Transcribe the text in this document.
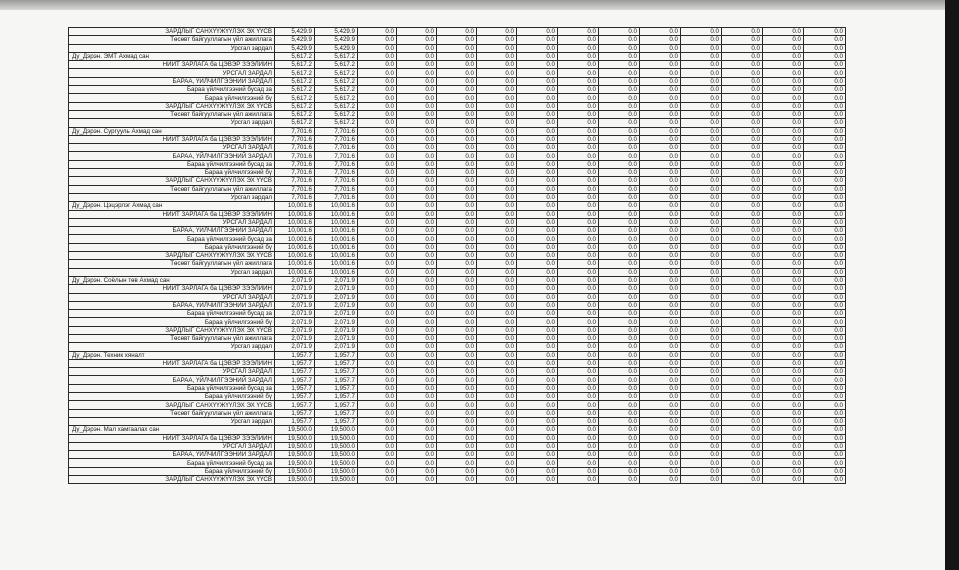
ЗАРДЛЫГ САНХҮҮЖҮҮЛЭХ ЭХ ҮҮСВ	5,429.9	5,429.9	0.0	0.0	0.0	0.0	0.0	0.0	0.0	0.0	0.0	0.0	0.0	0.0
Төсөвт байгууллагын үйл ажиллага	5,429.9	5,429.9	0.0	0.0	0.0	0.0	0.0	0.0	0.0	0.0	0.0	0.0	0.0	0.0
Урсгал зардал	5,429.9	5,429.9	0.0	0.0	0.0	0.0	0.0	0.0	0.0	0.0	0.0	0.0	0.0	0.0
Ду_Дэрэн. ЭМТ Ахмад сан	5,617.2	5,617.2	0.0	0.0	0.0	0.0	0.0	0.0	0.0	0.0	0.0	0.0	0.0	0.0
НИЙТ ЗАРЛАГА ба ЦЭВЭР ЗЭЭЛИЙН	5,617.2	5,617.2	0.0	0.0	0.0	0.0	0.0	0.0	0.0	0.0	0.0	0.0	0.0	0.0
УРСГАЛ ЗАРДАЛ	5,617.2	5,617.2	0.0	0.0	0.0	0.0	0.0	0.0	0.0	0.0	0.0	0.0	0.0	0.0
БАРАА, ҮЙЛЧИЛГЭЭНИЙ ЗАРДАЛ	5,617.2	5,617.2	0.0	0.0	0.0	0.0	0.0	0.0	0.0	0.0	0.0	0.0	0.0	0.0
Бараа үйлчилгээний бусад за	5,617.2	5,617.2	0.0	0.0	0.0	0.0	0.0	0.0	0.0	0.0	0.0	0.0	0.0	0.0
Бараа үйлчилгээний бү	5,617.2	5,617.2	0.0	0.0	0.0	0.0	0.0	0.0	0.0	0.0	0.0	0.0	0.0	0.0
ЗАРДЛЫГ САНХҮҮЖҮҮЛЭХ ЭХ ҮҮСВ	5,617.2	5,617.2	0.0	0.0	0.0	0.0	0.0	0.0	0.0	0.0	0.0	0.0	0.0	0.0
Төсөвт байгууллагын үйл ажиллага	5,617.2	5,617.2	0.0	0.0	0.0	0.0	0.0	0.0	0.0	0.0	0.0	0.0	0.0	0.0
Урсгал зардал	5,617.2	5,617.2	0.0	0.0	0.0	0.0	0.0	0.0	0.0	0.0	0.0	0.0	0.0	0.0
Ду_Дэрэн. Сургууль Ахмад сан	7,701.6	7,701.6	0.0	0.0	0.0	0.0	0.0	0.0	0.0	0.0	0.0	0.0	0.0	0.0
НИЙТ ЗАРЛАГА ба ЦЭВЭР ЗЭЭЛИЙН	7,701.6	7,701.6	0.0	0.0	0.0	0.0	0.0	0.0	0.0	0.0	0.0	0.0	0.0	0.0
УРСГАЛ ЗАРДАЛ	7,701.6	7,701.6	0.0	0.0	0.0	0.0	0.0	0.0	0.0	0.0	0.0	0.0	0.0	0.0
БАРАА, ҮЙЛЧИЛГЭЭНИЙ ЗАРДАЛ	7,701.6	7,701.6	0.0	0.0	0.0	0.0	0.0	0.0	0.0	0.0	0.0	0.0	0.0	0.0
Бараа үйлчилгээний бусад за	7,701.6	7,701.6	0.0	0.0	0.0	0.0	0.0	0.0	0.0	0.0	0.0	0.0	0.0	0.0
Бараа үйлчилгээний бү	7,701.6	7,701.6	0.0	0.0	0.0	0.0	0.0	0.0	0.0	0.0	0.0	0.0	0.0	0.0
ЗАРДЛЫГ САНХҮҮЖҮҮЛЭХ ЭХ ҮҮСВ	7,701.6	7,701.6	0.0	0.0	0.0	0.0	0.0	0.0	0.0	0.0	0.0	0.0	0.0	0.0
Төсөвт байгууллагын үйл ажиллага	7,701.6	7,701.6	0.0	0.0	0.0	0.0	0.0	0.0	0.0	0.0	0.0	0.0	0.0	0.0
Урсгал зардал	7,701.6	7,701.6	0.0	0.0	0.0	0.0	0.0	0.0	0.0	0.0	0.0	0.0	0.0	0.0
Ду_Дэрэн. Цэцэрлэг Ахмад сан	10,001.6	10,001.6	0.0	0.0	0.0	0.0	0.0	0.0	0.0	0.0	0.0	0.0	0.0	0.0
НИЙТ ЗАРЛАГА ба ЦЭВЭР ЗЭЭЛИЙН	10,001.6	10,001.6	0.0	0.0	0.0	0.0	0.0	0.0	0.0	0.0	0.0	0.0	0.0	0.0
УРСГАЛ ЗАРДАЛ	10,001.6	10,001.6	0.0	0.0	0.0	0.0	0.0	0.0	0.0	0.0	0.0	0.0	0.0	0.0
БАРАА, ҮЙЛЧИЛГЭЭНИЙ ЗАРДАЛ	10,001.6	10,001.6	0.0	0.0	0.0	0.0	0.0	0.0	0.0	0.0	0.0	0.0	0.0	0.0
Бараа үйлчилгээний бусад за	10,001.6	10,001.6	0.0	0.0	0.0	0.0	0.0	0.0	0.0	0.0	0.0	0.0	0.0	0.0
Бараа үйлчилгээний бү	10,001.6	10,001.6	0.0	0.0	0.0	0.0	0.0	0.0	0.0	0.0	0.0	0.0	0.0	0.0
ЗАРДЛЫГ САНХҮҮЖҮҮЛЭХ ЭХ ҮҮСВ	10,001.6	10,001.6	0.0	0.0	0.0	0.0	0.0	0.0	0.0	0.0	0.0	0.0	0.0	0.0
Төсөвт байгууллагын үйл ажиллага	10,001.6	10,001.6	0.0	0.0	0.0	0.0	0.0	0.0	0.0	0.0	0.0	0.0	0.0	0.0
Урсгал зардал	10,001.6	10,001.6	0.0	0.0	0.0	0.0	0.0	0.0	0.0	0.0	0.0	0.0	0.0	0.0
Ду_Дэрэн. Соёлын төв Ахмад сан	2,071.9	2,071.9	0.0	0.0	0.0	0.0	0.0	0.0	0.0	0.0	0.0	0.0	0.0	0.0
НИЙТ ЗАРЛАГА ба ЦЭВЭР ЗЭЭЛИЙН	2,071.9	2,071.9	0.0	0.0	0.0	0.0	0.0	0.0	0.0	0.0	0.0	0.0	0.0	0.0
УРСГАЛ ЗАРДАЛ	2,071.9	2,071.9	0.0	0.0	0.0	0.0	0.0	0.0	0.0	0.0	0.0	0.0	0.0	0.0
БАРАА, ҮЙЛЧИЛГЭЭНИЙ ЗАРДАЛ	2,071.9	2,071.9	0.0	0.0	0.0	0.0	0.0	0.0	0.0	0.0	0.0	0.0	0.0	0.0
Бараа үйлчилгээний бусад за	2,071.9	2,071.9	0.0	0.0	0.0	0.0	0.0	0.0	0.0	0.0	0.0	0.0	0.0	0.0
Бараа үйлчилгээний бү	2,071.9	2,071.9	0.0	0.0	0.0	0.0	0.0	0.0	0.0	0.0	0.0	0.0	0.0	0.0
ЗАРДЛЫГ САНХҮҮЖҮҮЛЭХ ЭХ ҮҮСВ	2,071.9	2,071.9	0.0	0.0	0.0	0.0	0.0	0.0	0.0	0.0	0.0	0.0	0.0	0.0
Төсөвт байгууллагын үйл ажиллага	2,071.9	2,071.9	0.0	0.0	0.0	0.0	0.0	0.0	0.0	0.0	0.0	0.0	0.0	0.0
Урсгал зардал	2,071.9	2,071.9	0.0	0.0	0.0	0.0	0.0	0.0	0.0	0.0	0.0	0.0	0.0	0.0
Ду_Дэрэн. Техник хяналт	1,957.7	1,957.7	0.0	0.0	0.0	0.0	0.0	0.0	0.0	0.0	0.0	0.0	0.0	0.0
НИЙТ ЗАРЛАГА ба ЦЭВЭР ЗЭЭЛИЙН	1,957.7	1,957.7	0.0	0.0	0.0	0.0	0.0	0.0	0.0	0.0	0.0	0.0	0.0	0.0
УРСГАЛ ЗАРДАЛ	1,957.7	1,957.7	0.0	0.0	0.0	0.0	0.0	0.0	0.0	0.0	0.0	0.0	0.0	0.0
БАРАА, ҮЙЛЧИЛГЭЭНИЙ ЗАРДАЛ	1,957.7	1,957.7	0.0	0.0	0.0	0.0	0.0	0.0	0.0	0.0	0.0	0.0	0.0	0.0
Бараа үйлчилгээний бусад за	1,957.7	1,957.7	0.0	0.0	0.0	0.0	0.0	0.0	0.0	0.0	0.0	0.0	0.0	0.0
Бараа үйлчилгээний бү	1,957.7	1,957.7	0.0	0.0	0.0	0.0	0.0	0.0	0.0	0.0	0.0	0.0	0.0	0.0
ЗАРДЛЫГ САНХҮҮЖҮҮЛЭХ ЭХ ҮҮСВ	1,957.7	1,957.7	0.0	0.0	0.0	0.0	0.0	0.0	0.0	0.0	0.0	0.0	0.0	0.0
Төсөвт байгууллагын үйл ажиллага	1,957.7	1,957.7	0.0	0.0	0.0	0.0	0.0	0.0	0.0	0.0	0.0	0.0	0.0	0.0
Урсгал зардал	1,957.7	1,957.7	0.0	0.0	0.0	0.0	0.0	0.0	0.0	0.0	0.0	0.0	0.0	0.0
Ду_Дэрэн. Мал хамгаалах сан	19,500.0	19,500.0	0.0	0.0	0.0	0.0	0.0	0.0	0.0	0.0	0.0	0.0	0.0	0.0
НИЙТ ЗАРЛАГА ба ЦЭВЭР ЗЭЭЛИЙН	19,500.0	19,500.0	0.0	0.0	0.0	0.0	0.0	0.0	0.0	0.0	0.0	0.0	0.0	0.0
УРСГАЛ ЗАРДАЛ	19,500.0	19,500.0	0.0	0.0	0.0	0.0	0.0	0.0	0.0	0.0	0.0	0.0	0.0	0.0
БАРАА, ҮЙЛЧИЛГЭЭНИЙ ЗАРДАЛ	19,500.0	19,500.0	0.0	0.0	0.0	0.0	0.0	0.0	0.0	0.0	0.0	0.0	0.0	0.0
Бараа үйлчилгээний бусад за	19,500.0	19,500.0	0.0	0.0	0.0	0.0	0.0	0.0	0.0	0.0	0.0	0.0	0.0	0.0
Бараа үйлчилгээний бү	19,500.0	19,500.0	0.0	0.0	0.0	0.0	0.0	0.0	0.0	0.0	0.0	0.0	0.0	0.0
ЗАРДЛЫГ САНХҮҮЖҮҮЛЭХ ЭХ ҮҮСВ	19,500.0	19,500.0	0.0	0.0	0.0	0.0	0.0	0.0	0.0	0.0	0.0	0.0	0.0	0.0
